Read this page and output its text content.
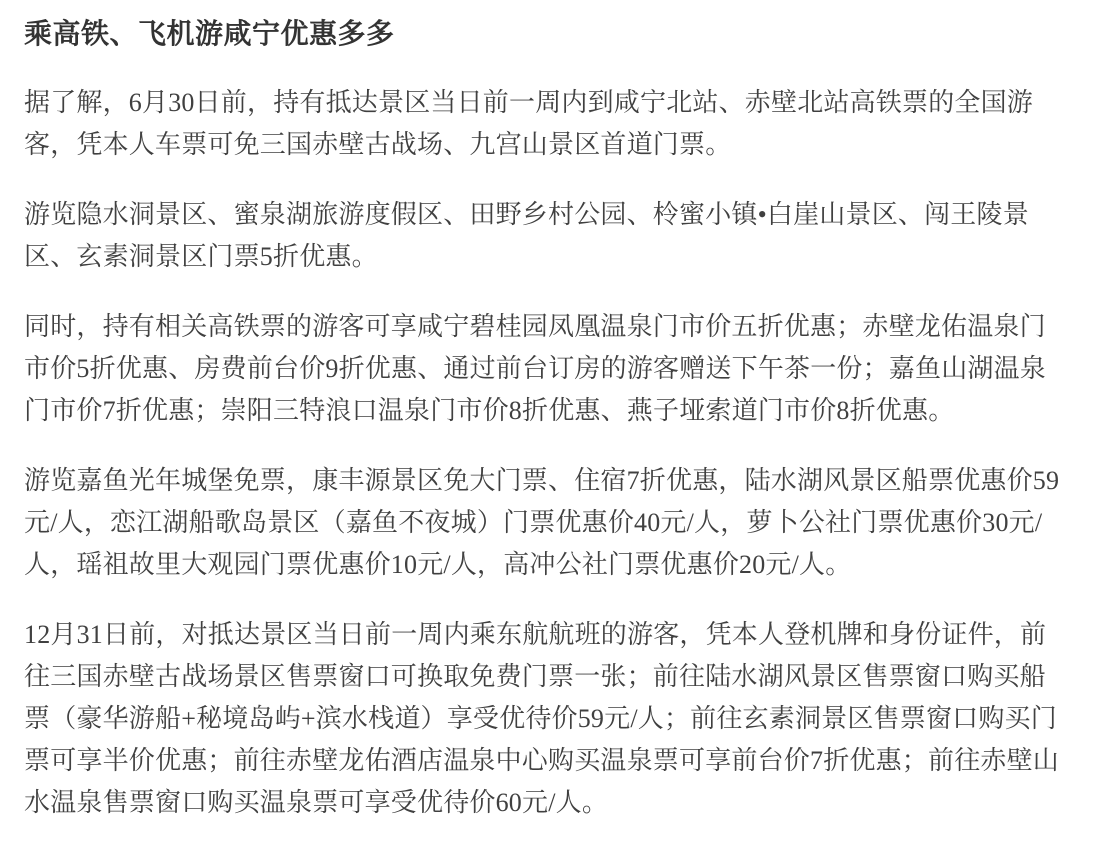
乘高铁、飞机游咸宁优惠多多

据了解，6月30日前，持有抵达景区当日前一周内到咸宁北站、赤壁北站高铁票的全国游客，凭本人车票可免三国赤壁古战场、九宫山景区首道门票。

游览隐水洞景区、蜜泉湖旅游度假区、田野乡村公园、柃蜜小镇•白崖山景区、闯王陵景区、玄素洞景区门票5折优惠。

同时，持有相关高铁票的游客可享咸宁碧桂园凤凰温泉门市价五折优惠；赤壁龙佑温泉门市价5折优惠、房费前台价9折优惠、通过前台订房的游客赠送下午茶一份；嘉鱼山湖温泉门市价7折优惠；崇阳三特浪口温泉门市价8折优惠、燕子垭索道门市价8折优惠。

游览嘉鱼光年城堡免票，康丰源景区免大门票、住宿7折优惠，陆水湖风景区船票优惠价59元/人，恋江湖船歌岛景区（嘉鱼不夜城）门票优惠价40元/人，萝卜公社门票优惠价30元/人，瑶祖故里大观园门票优惠价10元/人，高冲公社门票优惠价20元/人。

12月31日前，对抵达景区当日前一周内乘东航航班的游客，凭本人登机牌和身份证件，前往三国赤壁古战场景区售票窗口可换取免费门票一张；前往陆水湖风景区售票窗口购买船票（豪华游船+秘境岛屿+滨水栈道）享受优待价59元/人；前往玄素洞景区售票窗口购买门票可享半价优惠；前往赤壁龙佑酒店温泉中心购买温泉票可享前台价7折优惠；前往赤壁山水温泉售票窗口购买温泉票可享受优待价60元/人。
